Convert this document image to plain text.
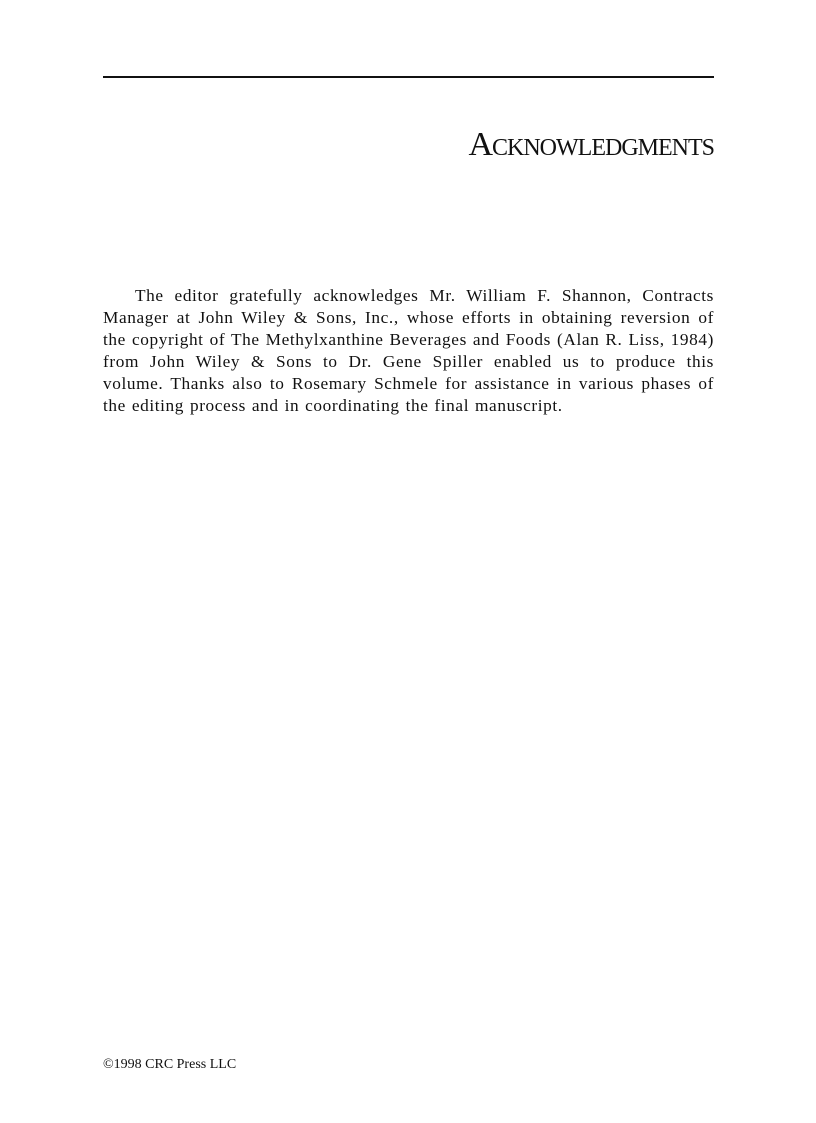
Acknowledgments

The editor gratefully acknowledges Mr. William F. Shannon, Contracts Manager at John Wiley & Sons, Inc., whose efforts in obtaining reversion of the copyright of The Methylxanthine Beverages and Foods (Alan R. Liss, 1984) from John Wiley & Sons to Dr. Gene Spiller enabled us to produce this volume. Thanks also to Rosemary Schmele for assistance in various phases of the editing process and in coordinating the final manuscript.

©1998 CRC Press LLC
